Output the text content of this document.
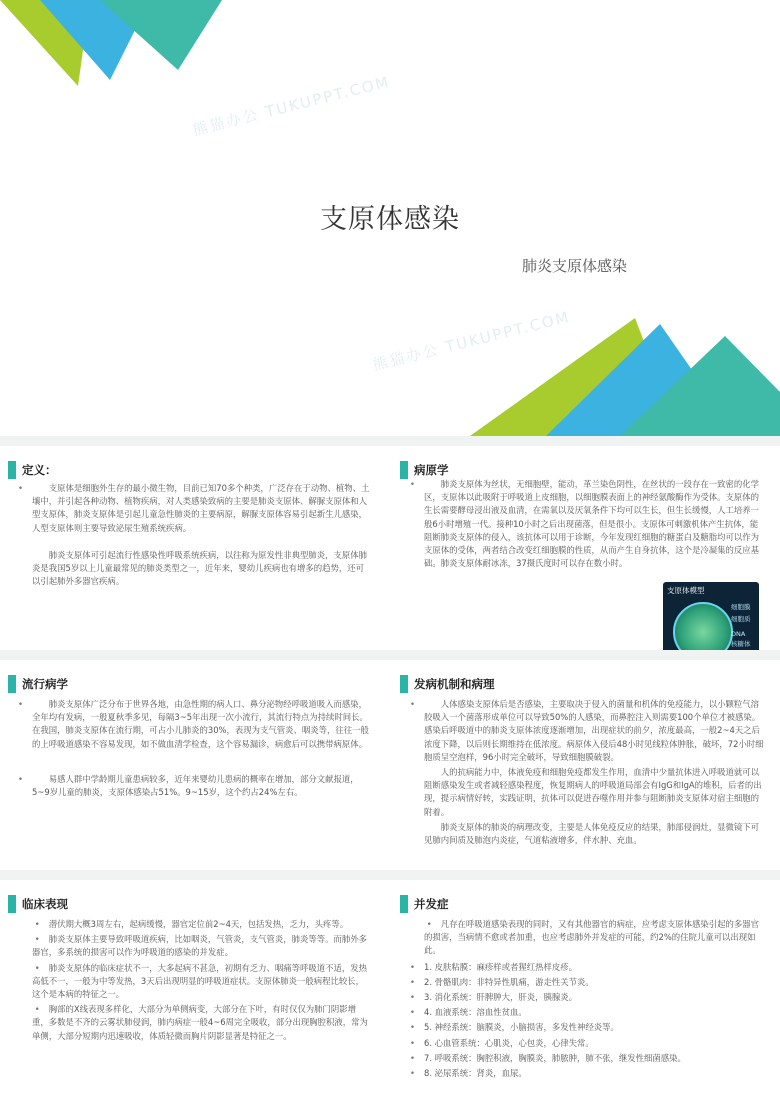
熊猫办公 TUKUPPT.COM
熊猫办公 TUKUPPT.COM
支原体感染
肺炎支原体感染
定义：

• 支原体是细胞外生存的最小微生物，目前已知70多个种类，广泛存在于动物、植物、土壤中，并引起各种动物、植物疾病，对人类感染致病的主要是肺炎支原体、解脲支原体和人型支原体，肺炎支原体是引起儿童急性肺炎的主要病原，解脲支原体容易引起新生儿感染，人型支原体则主要导致泌尿生殖系统疾病。

肺炎支原体可引起流行性感染性呼吸系统疾病，以往称为原发性非典型肺炎，支原体肺炎是我国5岁以上儿童最常见的肺炎类型之一，近年来，婴幼儿疾病也有增多的趋势，还可以引起肺外多器官疾病。

病原学

• 肺炎支原体为丝状，无细胞壁，能动，革兰染色阴性，在丝状的一段存在一致密的化学区，支原体以此吸附于呼吸道上皮细胞，以细胞膜表面上的神经氨酸酶作为受体。支原体的生长需要酵母浸出液及血清，在需氧以及厌氧条件下均可以生长，但生长缓慢，人工培养一般6小时增殖一代。接种10小时之后出现菌落，但是很小。支原体可刺激机体产生抗体，能阻断肺炎支原体的侵入，该抗体可以用于诊断，今年发现红细胞的糖蛋白及糖脂均可以作为支原体的受体，两者结合改变红细胞膜的性质，从而产生自身抗体，这个是冷凝集的反应基础。肺炎支原体耐冰冻，37摄氏度时可以存在数小时。

支原体模型
细胞膜
细胞质
DNA
核糖体
流行病学

• 肺炎支原体广泛分布于世界各地，由急性期的病人口、鼻分泌物经呼吸道吸入而感染，全年均有发病，一般夏秋季多见，每隔3~5年出现一次小流行，其流行特点为持续时间长。在我国，肺炎支原体在流行期，可占小儿肺炎的30%，表现为支气管炎、咽炎等，往往一般的上呼吸道感染不容易发现，如不做血清学检查，这个容易漏诊，病愈后可以携带病原体。

• 易感人群中学龄期儿童患病较多，近年来婴幼儿患病的概率在增加，部分文献报道，5~9岁儿童的肺炎，支原体感染占51%。9~15岁，这个约占24%左右。

发病机制和病理

• 人体感染支原体后是否感染，主要取决于侵入的菌量和机体的免疫能力，以小颗粒气溶胶吸入一个菌落形成单位可以导致50%的人感染，而鼻腔注入则需要100个单位才被感染。感染后呼吸道中的肺炎支原体浓度逐渐增加，出现症状的前夕，浓度最高，一般2~4天之后浓度下降，以后则长期维持在低浓度。病原体入侵后48小时见线粒体肿胀，破坏，72小时细胞质呈空泡样，96小时完全破坏，导致细胞膜破裂。

人的抗病能力中，体液免疫和细胞免疫都发生作用，血清中少量抗体进入呼吸道就可以阻断感染发生或者减轻感染程度，恢复期病人的呼吸道局部会有IgG和IgA的堆积，后者的出现，提示病情好转，实践证明，抗体可以促进吞噬作用并参与阻断肺炎支原体对宿主细胞的附着。

肺炎支原体的肺炎的病理改变，主要是人体免疫反应的结果，肺部侵润灶，显微镜下可见肺内间质及肺泡内炎症，气道粘液增多，伴水肿、充血。

临床表现

• 潜伏期大概3周左右，起病缓慢，器官定位前2~4天，包括发热，乏力，头疼等。

• 肺炎支原体主要导致呼吸道疾病，比如咽炎，气管炎，支气管炎，肺炎等等。而肺外多器官，多系统的损害可以作为呼吸道的感染的并发症。

• 肺炎支原体的临床症状不一，大多起病不甚急，初期有乏力、咽痛等呼吸道不适，发热高低不一，一般为中等发热，3天后出现明显的呼吸道症状。支原体肺炎一般病程比较长，这个是本病的特征之一。

• 胸部的X线表现多样化，大部分为单侧病变，大部分在下叶，有时仅仅为肺门阴影增重，多数是不齐的云雾状肺侵润，肺内病症一般4~6周完全吸收，部分出现胸腔积液，常为单侧，大部分短期内迅速吸收，体质轻微而胸片阴影显著是特征之一。

并发症

• 凡存在呼吸道感染表现的同时，又有其他器官的病症，应考虑支原体感染引起的多器官的损害，当病情不愈或者加重，也应考虑肺外并发症的可能，约2%的住院儿童可以出现如此。

• 1. 皮肤粘膜：麻疹样或者猩红热样皮疹。

• 2. 骨骼肌肉：非特异性肌痛，游走性关节炎。

• 3. 消化系统：肝脾肿大，肝炎，胰腺炎。

• 4. 血液系统：溶血性贫血。

• 5. 神经系统：脑膜炎，小脑损害，多发性神经炎等。

• 6. 心血管系统：心肌炎，心包炎，心律失常。

• 7. 呼吸系统：胸腔积液，胸膜炎，肺脓肿，肺不张，继发性细菌感染。

• 8. 泌尿系统：肾炎，血尿。
